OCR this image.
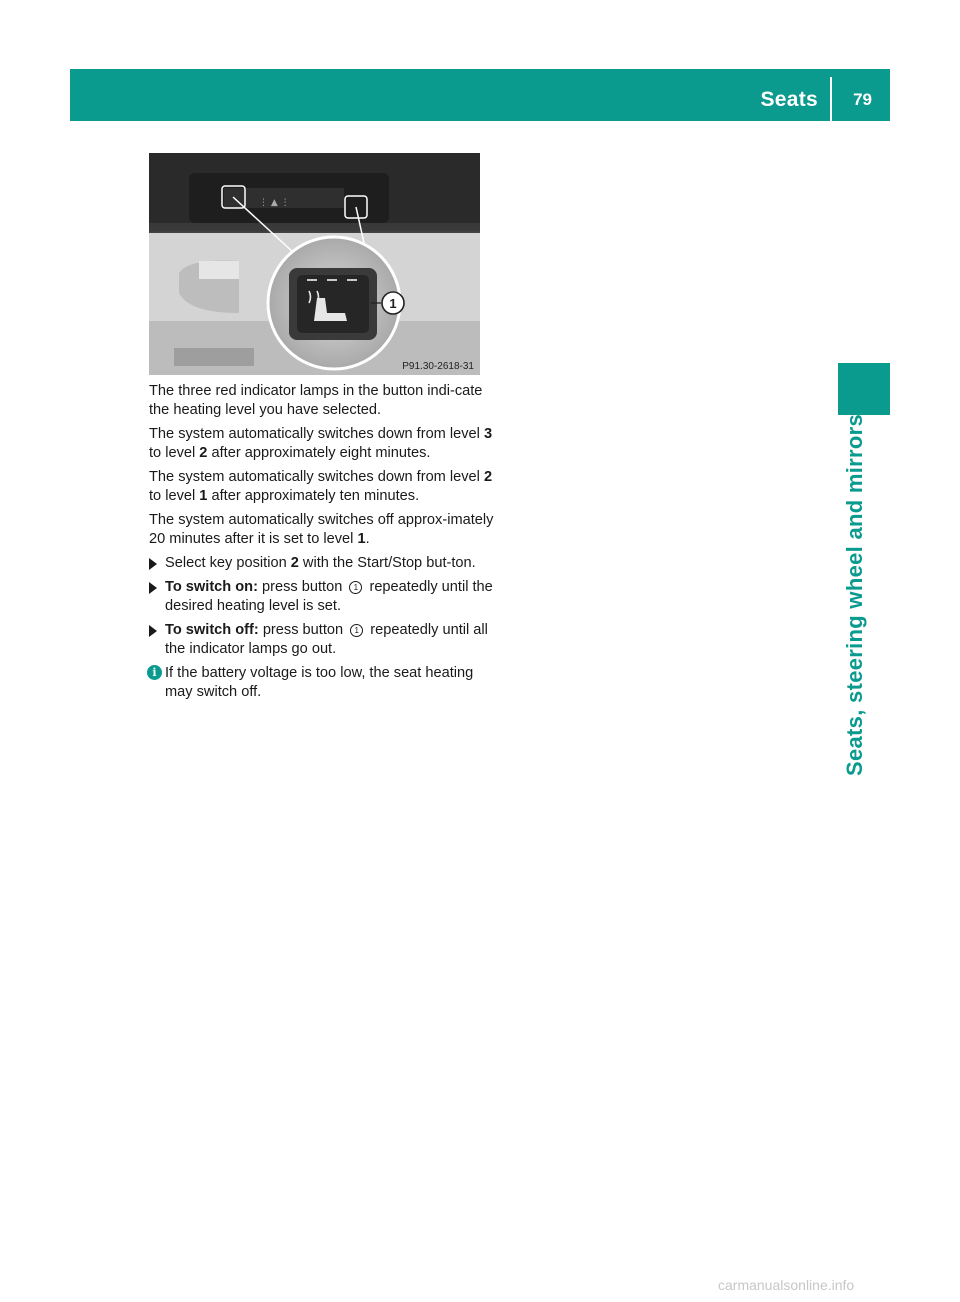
Seats 79
Seats, steering wheel and mirrors
⋮ ▲ ⋮
1
P91.30-2618-31

The three red indicator lamps in the button indi-cate the heating level you have selected.

The system automatically switches down from level 3 to level 2 after approximately eight minutes.

The system automatically switches down from level 2 to level 1 after approximately ten minutes.

The system automatically switches off approx-imately 20 minutes after it is set to level 1.

Select key position 2 with the Start/Stop but-ton.
To switch on: press button 1 repeatedly until the desired heating level is set.
To switch off: press button 1 repeatedly until all the indicator lamps go out.
i If the battery voltage is too low, the seat heating may switch off.
carmanualsonline.info
